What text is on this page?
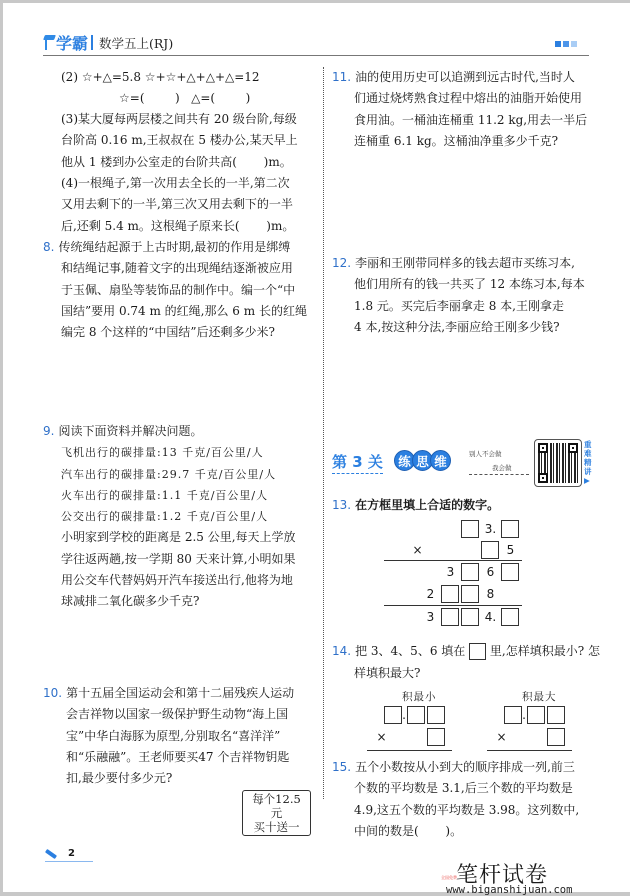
学霸 数学五上(RJ)
(2) ☆+△=5.8 ☆+☆+△+△+△=12
☆=(        )   △=(        )
(3)某大厦每两层楼之间共有 20 级台阶,每级
台阶高 0.16 m,王叔叔在 5 楼办公,某天早上
他从 1 楼到办公室走的台阶共高(       )m。
(4)一根绳子,第一次用去全长的一半,第二次
又用去剩下的一半,第三次又用去剩下的一半
后,还剩 5.4 m。这根绳子原来长(       )m。
8. 传统绳结起源于上古时期,最初的作用是绑缚
和结绳记事,随着文字的出现绳结逐渐被应用
于玉佩、扇坠等装饰品的制作中。编一个“中
国结”要用 0.74 m 的红绳,那么 6 m 长的红绳
编完 8 个这样的“中国结”后还剩多少米?
9. 阅读下面资料并解决问题。
飞机出行的碳排量:13 千克/百公里/人
汽车出行的碳排量:29.7 千克/百公里/人
火车出行的碳排量:1.1 千克/百公里/人
公交出行的碳排量:1.2 千克/百公里/人
小明家到学校的距离是 2.5 公里,每天上学放
学往返两趟,按一学期 80 天来计算,小明如果
用公交车代替妈妈开汽车接送出行,他将为地
球减排二氧化碳多少千克?
10. 第十五届全国运动会和第十二届残疾人运动
会吉祥物以国家一级保护野生动物“海上国
宝”中华白海豚为原型,分别取名“喜洋洋”
和“乐融融”。王老师要买47 个吉祥物钥匙
扣,最少要付多少元?
每个12.5元
买十送一
11. 油的使用历史可以追溯到远古时代,当时人
们通过烧烤熟食过程中熔出的油脂开始使用
食用油。一桶油连桶重 11.2 kg,用去一半后
连桶重 6.1 kg。这桶油净重多少千克?
12. 李丽和王刚带同样多的钱去超市买练习本,
他们用所有的钱一共买了 12 本练习本,每本
1.8 元。买完后李丽拿走 8 本,王刚拿走
4 本,按这种分法,李丽应给王刚多少钱?
第 3 关	练 思 维	别人不会做
我会做
重
难
精
讲
▶
13. 在方框里填上合适的数字。
3.
×	5
3	6
2	8
3	4.
14. 把 3、4、5、6 填在 里,怎样填积最小? 怎
样填积最大?
积最小
.
×
积最大
.
×
15. 五个小数按从小到大的顺序排成一列,前三
个数的平均数是 3.1,后三个数的平均数是
4.9,这五个数的平均数是 3.98。这列数中,
中间的数是(       )。
2
全国免费 笔杆试卷
www.biganshijuan.com
